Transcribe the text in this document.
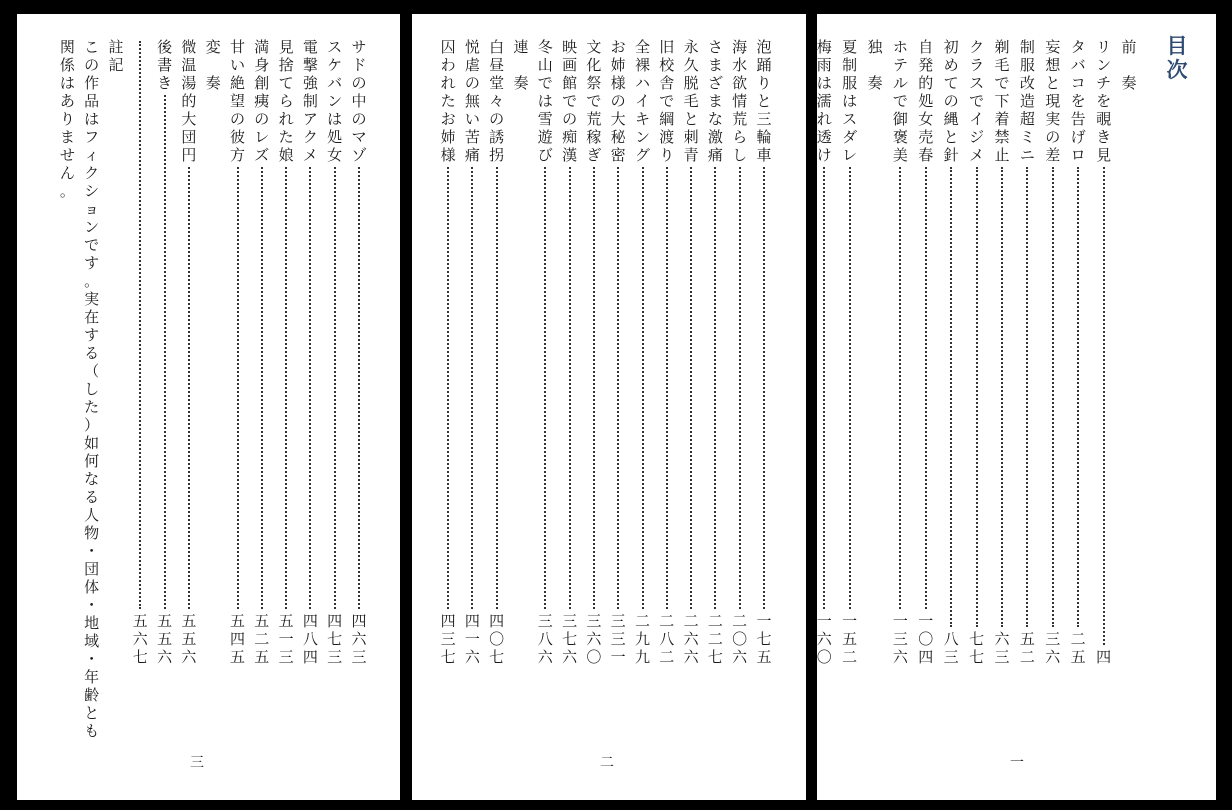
目
次
前

奏
リ
ン
チ
を
覗
き
見
四
タ
バ
コ
を
告
げ
ロ
二
五
妄
想
と
現
実
の
差
三
六
制
服
改
造
超
ミ
ニ
五
二
剃
毛
で
下
着
禁
止
六
三
ク
ラ
ス
で
イ
ジ
メ
七
七
初
め
て
の
縄
と
針
八
三
自
発
的
処
女
売
春
一
〇
四
ホ
テ
ル
で
御
褒
美
一
三
六
独

奏
夏
制
服
は
ス
ダ
レ
一
五
二
梅
雨
は
濡
れ
透
け
一
六
〇
一
泡
踊
り
と
三
輪
車
一
七
五
海
水
欲
情
荒
ら
し
二
〇
六
さ
ま
ざ
ま
な
激
痛
二
二
七
永
久
脱
毛
と
刺
青
二
六
六
旧
校
舎
で
綱
渡
り
二
八
二
全
裸
ハ
イ
キ
ン
グ
二
九
九
お
姉
様
の
大
秘
密
三
三
一
文
化
祭
で
荒
稼
ぎ
三
六
〇
映
画
館
で
の
痴
漢
三
七
六
冬
山
で
は
雪
遊
び
三
八
六
連

奏
白
昼
堂
々
の
誘
拐
四
〇
七
悦
虐
の
無
い
苦
痛
四
一
六
囚
わ
れ
た
お
姉
様
四
三
七
二
サ
ド
の
中
の
マ
ゾ
四
六
三
ス
ケ
バ
ン
は
処
女
四
七
三
電
撃
強
制
ア
ク
メ
四
八
四
見
捨
て
ら
れ
た
娘
五
一
三
満
身
創
痍
の
レ
ズ
五
二
五
甘
い
絶
望
の
彼
方
五
四
五
変

奏
微
温
湯
的
大
団
円
五
五
六
後
書
き
五
五
六
五
六
七
註
記
こ
の
作
品
は
フ
ィ
ク
シ
ョ
ン
で
す
。
実
在
す
る
（
し
た
）
如
何
な
る
人
物
・
団
体
・
地
域
・
年
齢
と
も
関
係
は
あ
り
ま
せ
ん
。
三
